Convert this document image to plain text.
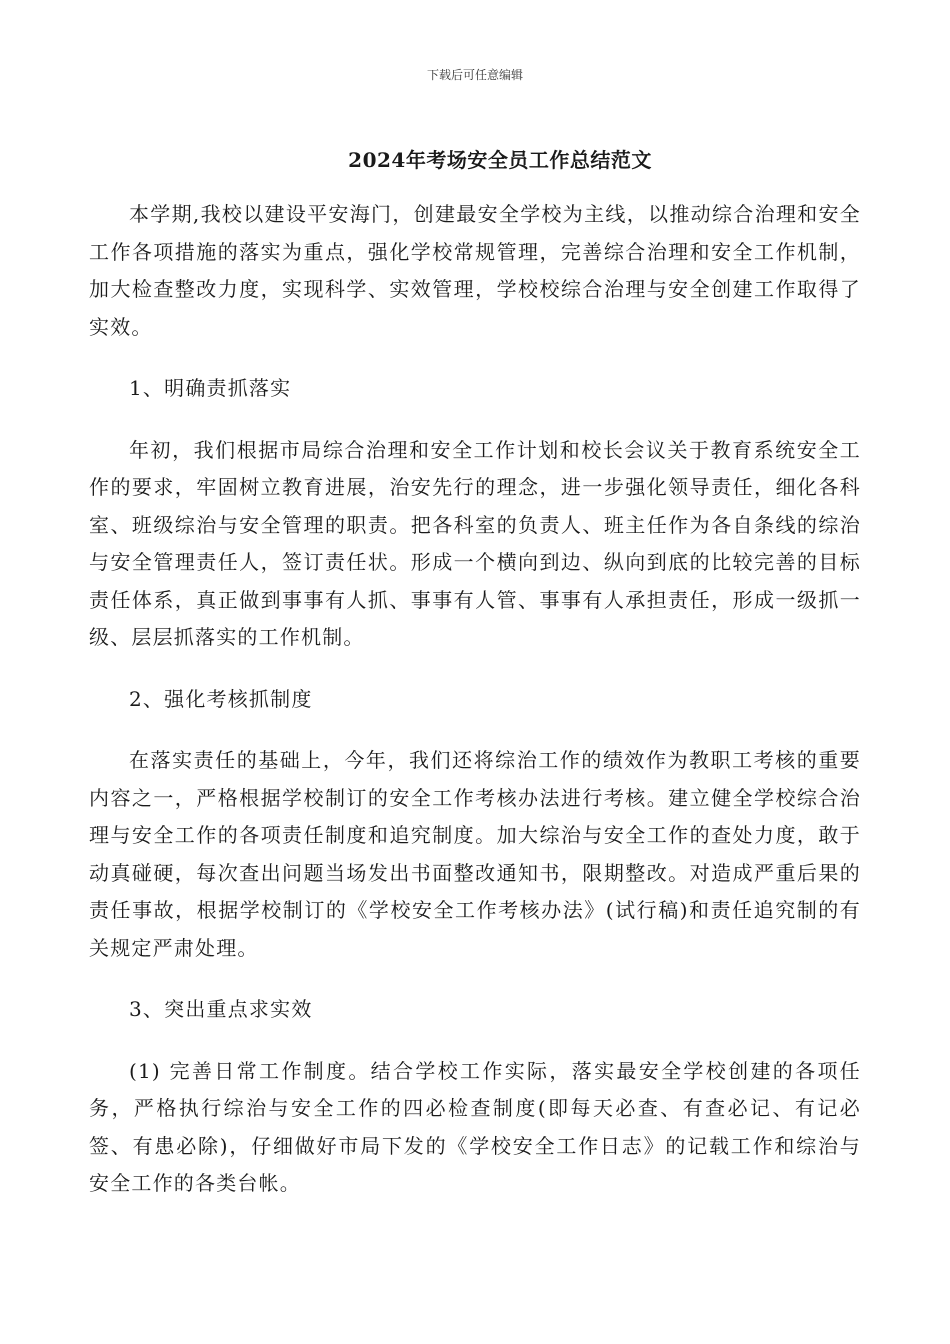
下载后可任意编辑
2024年考场安全员工作总结范文

本学期,我校以建设平安海门，创建最安全学校为主线，以推动综合治理和安全工作各项措施的落实为重点，强化学校常规管理，完善综合治理和安全工作机制，加大检查整改力度，实现科学、实效管理，学校校综合治理与安全创建工作取得了实效。

1、明确责抓落实

年初，我们根据市局综合治理和安全工作计划和校长会议关于教育系统安全工作的要求，牢固树立教育进展，治安先行的理念，进一步强化领导责任，细化各科室、班级综治与安全管理的职责。把各科室的负责人、班主任作为各自条线的综治与安全管理责任人，签订责任状。形成一个横向到边、纵向到底的比较完善的目标责任体系，真正做到事事有人抓、事事有人管、事事有人承担责任，形成一级抓一级、层层抓落实的工作机制。

2、强化考核抓制度

在落实责任的基础上，今年，我们还将综治工作的绩效作为教职工考核的重要内容之一，严格根据学校制订的安全工作考核办法进行考核。建立健全学校综合治理与安全工作的各项责任制度和追究制度。加大综治与安全工作的查处力度，敢于动真碰硬，每次查出问题当场发出书面整改通知书，限期整改。对造成严重后果的责任事故，根据学校制订的《学校安全工作考核办法》(试行稿)和责任追究制的有关规定严肃处理。

3、突出重点求实效

(1) 完善日常工作制度。结合学校工作实际，落实最安全学校创建的各项任务，严格执行综治与安全工作的四必检查制度(即每天必查、有查必记、有记必签、有患必除)，仔细做好市局下发的《学校安全工作日志》的记载工作和综治与安全工作的各类台帐。
